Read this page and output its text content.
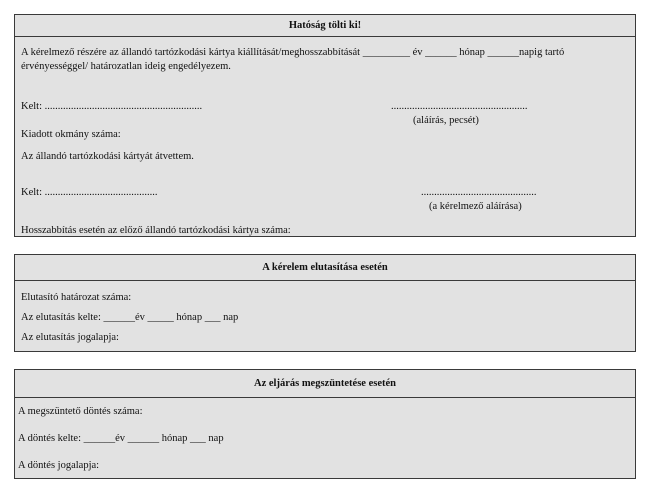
Hatóság tölti ki!
A kérelmező részére az állandó tartózkodási kártya kiállítását/meghosszabbítását _________ év ______ hónap ______napig tartó
érvényességgel/ határozatlan ideig engedélyezem.
Kelt: ............................................................	....................................................
(aláírás, pecsét)
Kiadott okmány száma:
Az állandó tartózkodási kártyát átvettem.
Kelt: ...........................................	............................................
(a kérelmező aláírása)
Hosszabbítás esetén az előző állandó tartózkodási kártya száma:
A kérelem elutasítása esetén
Elutasító határozat száma:
Az elutasítás kelte: ______év _____ hónap ___ nap
Az elutasítás jogalapja:
Az eljárás megszüntetése esetén
A megszüntető döntés száma:
A döntés kelte: ______év ______ hónap ___ nap
A döntés jogalapja:
